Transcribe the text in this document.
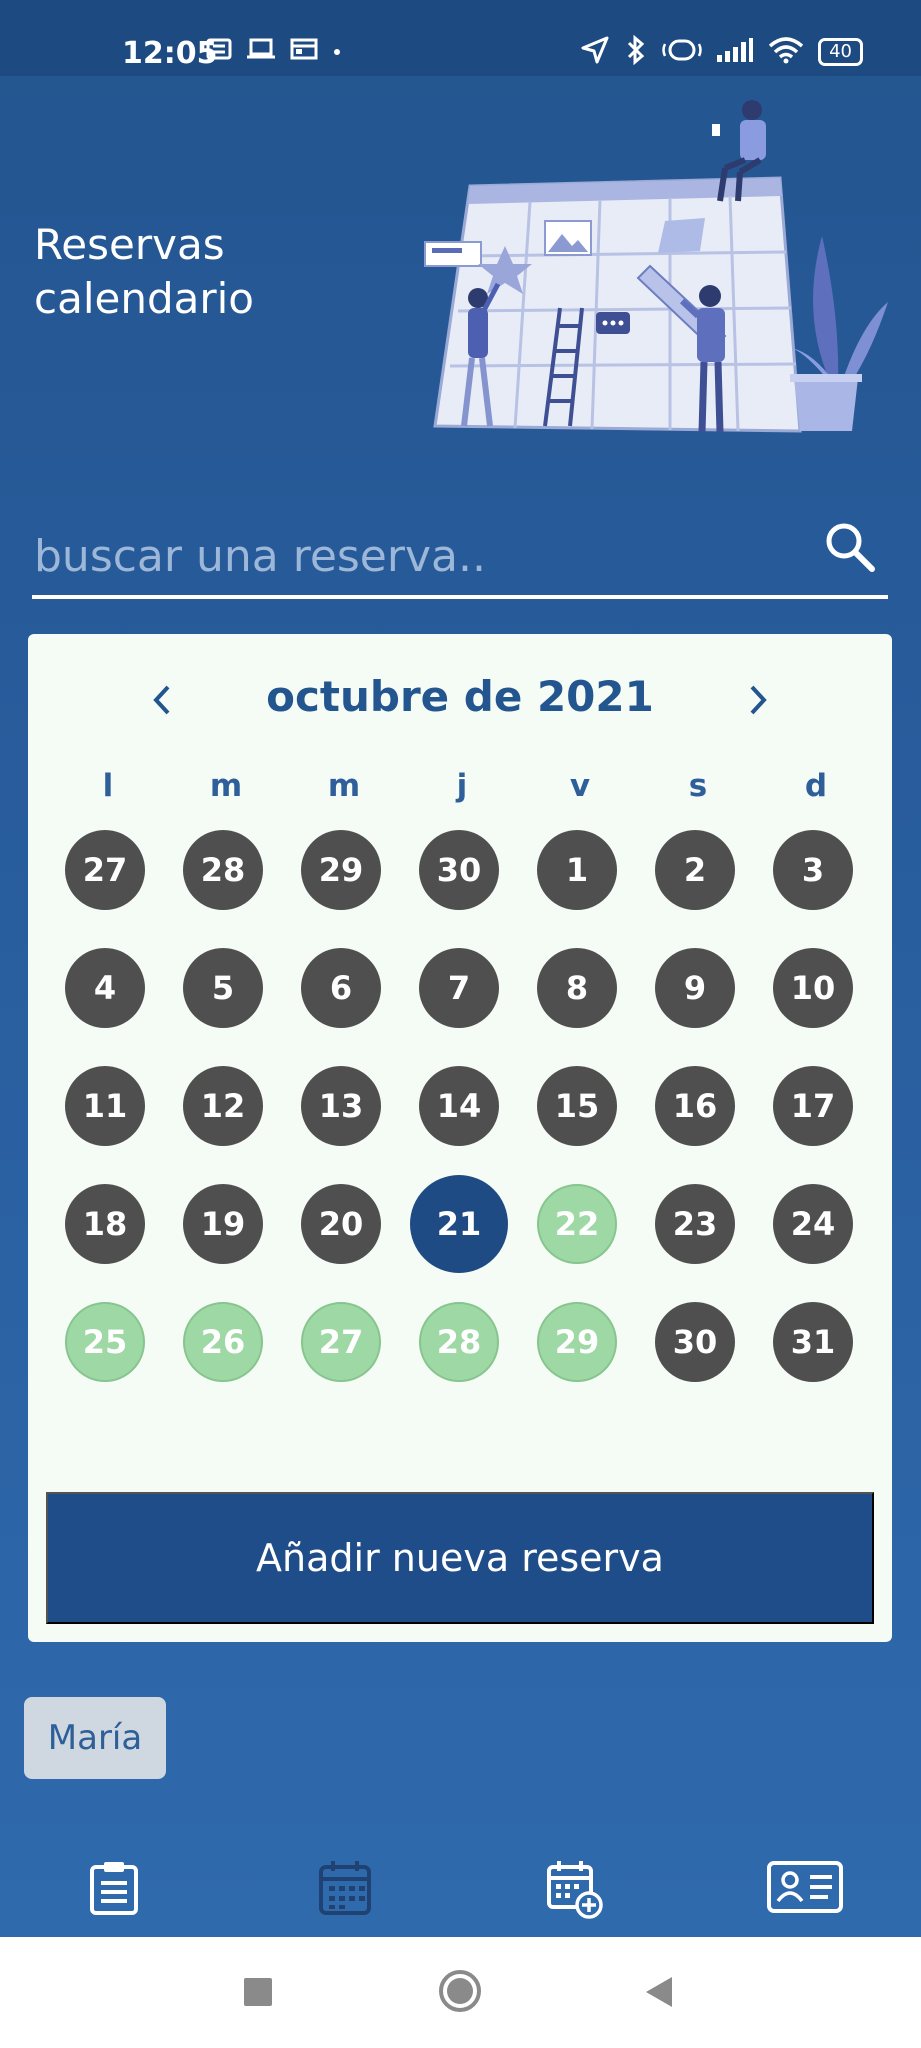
12:05	40
Reservas
calendario
buscar una reserva..
octubre de 2021
l	m	m	j	v	s	d
27	28	29	30	1	2	3
4	5	6	7	8	9	10
11	12	13	14	15	16	17
18	19	20	21	22	23	24
25	26	27	28	29	30	31
Añadir nueva reserva
María
